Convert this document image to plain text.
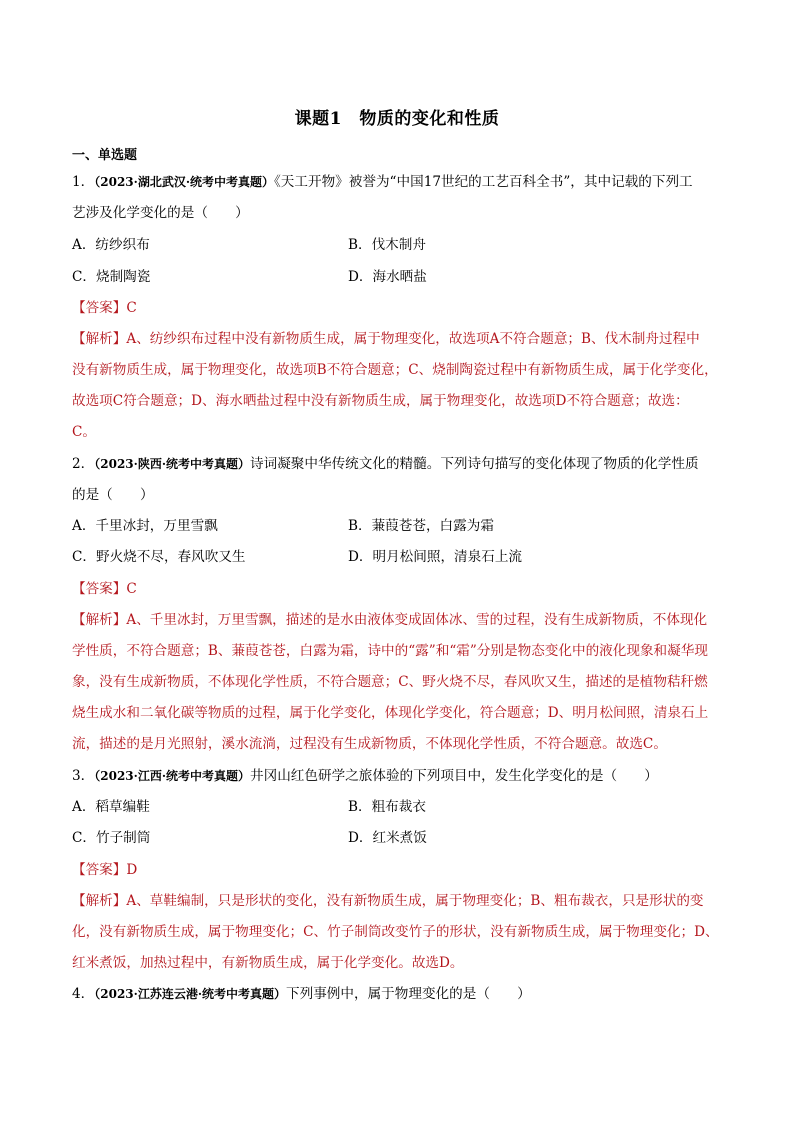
课题1　物质的变化和性质
一、单选题
1．（2023·湖北武汉·统考中考真题）《天工开物》被誉为“中国17世纪的工艺百科全书”，其中记载的下列工
艺涉及化学变化的是（　　）
A．纺纱织布	B．伐木制舟
C．烧制陶瓷	D．海水晒盐
【答案】C
【解析】A、纺纱织布过程中没有新物质生成，属于物理变化，故选项A不符合题意；B、伐木制舟过程中
没有新物质生成，属于物理变化，故选项B不符合题意；C、烧制陶瓷过程中有新物质生成，属于化学变化，
故选项C符合题意；D、海水晒盐过程中没有新物质生成，属于物理变化，故选项D不符合题意；故选：
C。
2．（2023·陕西·统考中考真题）诗词凝聚中华传统文化的精髓。下列诗句描写的变化体现了物质的化学性质
的是（　　）
A．千里冰封，万里雪飘	B．蒹葭苍苍，白露为霜
C．野火烧不尽，春风吹又生	D．明月松间照，清泉石上流
【答案】C
【解析】A、千里冰封，万里雪飘，描述的是水由液体变成固体冰、雪的过程，没有生成新物质，不体现化
学性质，不符合题意；B、蒹葭苍苍，白露为霜，诗中的“露”和“霜”分别是物态变化中的液化现象和凝华现
象，没有生成新物质，不体现化学性质，不符合题意；C、野火烧不尽，春风吹又生，描述的是植物秸秆燃
烧生成水和二氧化碳等物质的过程，属于化学变化，体现化学变化，符合题意；D、明月松间照，清泉石上
流，描述的是月光照射，溪水流淌，过程没有生成新物质，不体现化学性质，不符合题意。故选C。
3．（2023·江西·统考中考真题）井冈山红色研学之旅体验的下列项目中，发生化学变化的是（　　）
A．稻草编鞋	B．粗布裁衣
C．竹子制筒	D．红米煮饭
【答案】D
【解析】A、草鞋编制，只是形状的变化，没有新物质生成，属于物理变化；B、粗布裁衣，只是形状的变
化，没有新物质生成，属于物理变化；C、竹子制筒改变竹子的形状，没有新物质生成，属于物理变化；D、
红米煮饭，加热过程中，有新物质生成，属于化学变化。故选D。
4．（2023·江苏连云港·统考中考真题）下列事例中，属于物理变化的是（　　）
